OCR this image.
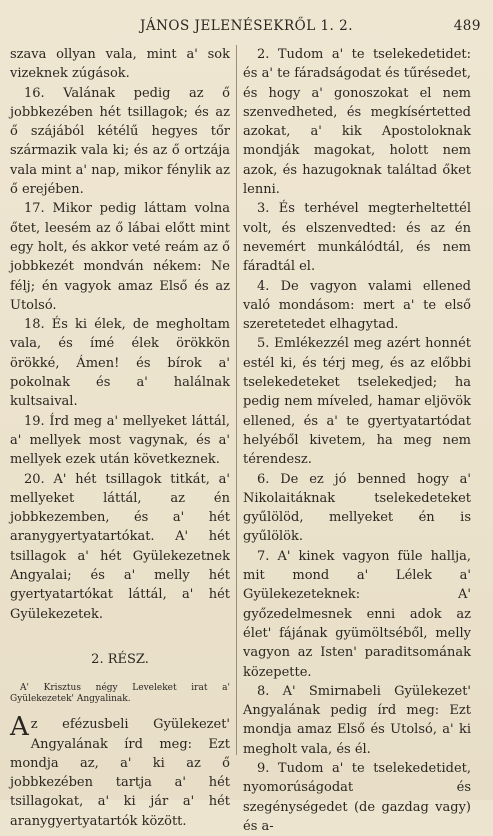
JÁNOS JELENÉSEKRŐL 1. 2.	489

szava ollyan vala, mint a' sok vizeknek zúgások.

16. Valának pedig az ő jobbkezében hét tsillagok; és az ő szájából kétélű hegyes tőr származik vala ki; és az ő ortzája vala mint a' nap, mikor fénylik az ő erejében.

17. Mikor pedig láttam volna őtet, leesém az ő lábai előtt mint egy holt, és akkor veté reám az ő jobbkezét mondván nékem: Ne félj; én vagyok amaz Első és az Utolsó.

18. És ki élek, de megholtam vala, és ímé élek örökkön örökké, Ámen! és bírok a' pokolnak és a' halálnak kultsaival.

19. Írd meg a' mellyeket láttál, a' mellyek most vagynak, és a' mellyek ezek után következnek.

20. A' hét tsillagok titkát, a' mellyeket láttál, az én jobbkezemben, és a' hét aranygyertyatartókat. A' hét tsillagok a' hét Gyülekezetnek Angyalai; és a' melly hét gyertyatartókat láttál, a' hét Gyülekezetek.

2. RÉSZ.

A' Krisztus négy Leveleket irat a' Gyülekezetek' Angyalinak.

Az efézusbeli Gyülekezet' Angyalának írd meg: Ezt mondja az, a' ki az ő jobbkezében tartja a' hét tsillagokat, a' ki jár a' hét aranygyertyatartók között.

2. Tudom a' te tselekedetidet: és a' te fáradságodat és tűrésedet, és hogy a' gonoszokat el nem szenvedheted, és megkísértetted azokat, a' kik Apostoloknak mondják magokat, holott nem azok, és hazugoknak találtad őket lenni.

3. És terhével megterheltettél volt, és elszenvedted: és az én nevemért munkálódtál, és nem fáradtál el.

4. De vagyon valami ellened való mondásom: mert a' te első szeretetedet elhagytad.

5. Emlékezzél meg azért honnét estél ki, és térj meg, és az előbbi tselekedeteket tselekedjed; ha pedig nem míveled, hamar eljövök ellened, és a' te gyertyatartódat helyéből kivetem, ha meg nem térendesz.

6. De ez jó benned hogy a' Nikolaitáknak tselekedeteket gyűlölöd, mellyeket én is gyűlölök.

7. A' kinek vagyon füle hallja, mit mond a' Lélek a' Gyülekezeteknek: A' győzedelmesnek enni adok az élet' fájának gyümöltséből, melly vagyon az Isten' paraditsomának közepette.

8. A' Smirnabeli Gyülekezet' Angyalának pedig írd meg: Ezt mondja amaz Első és Utolsó, a' ki megholt vala, és él.

9. Tudom a' te tselekedetidet, nyomorúságodat és szegénységedet (de gazdag vagy) és a-
